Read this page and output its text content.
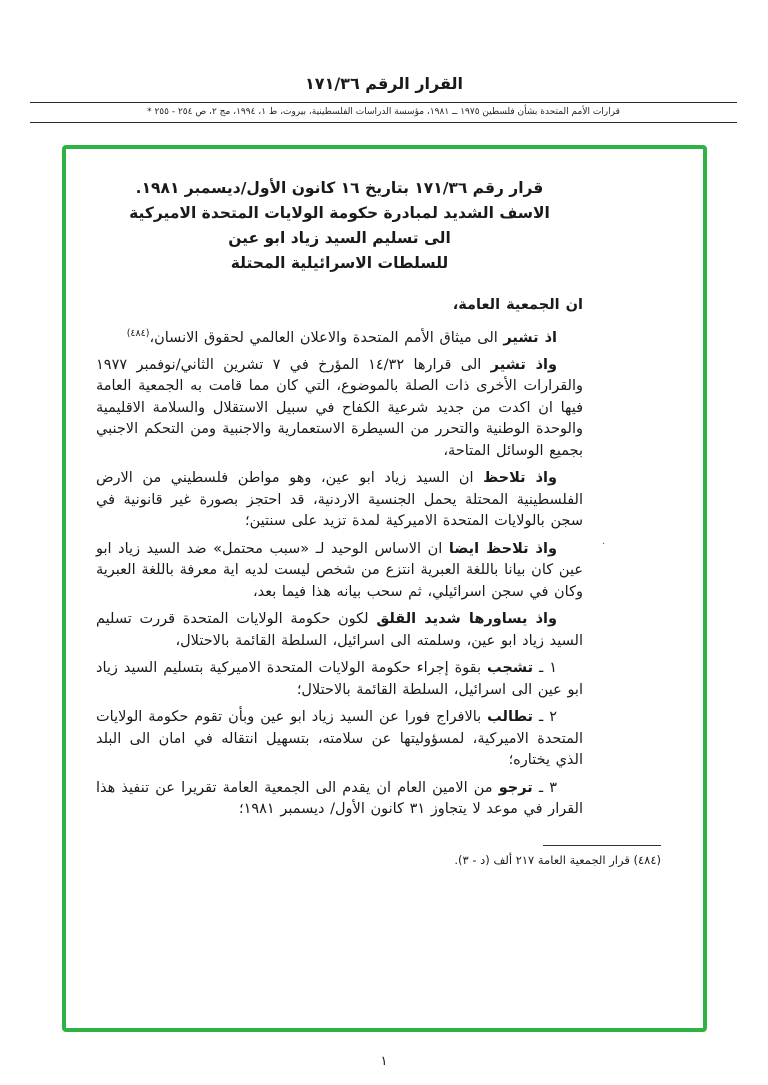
القرار الرقم ١٧١/٣٦
قرارات الأمم المتحدة بشأن فلسطين ١٩٧٥ ــ ١٩٨١، مؤسسة الدراسات الفلسطينية، بيروت، ط ١، ١٩٩٤، مج ٢، ص ٢٥٤ - ٢٥٥ *
قرار رقم ١٧١/٣٦ بتاريخ ١٦ كانون الأول/ديسمبر ١٩٨١.
الاسف الشديد لمبادرة حكومة الولايات المتحدة الاميركية
الى تسليم السيد زياد ابو عين
للسلطات الاسرائيلية المحتلة

ان الجمعية العامة،

اذ تشير الى ميثاق الأمم المتحدة والاعلان العالمي لحقوق الانسان،$^{(٤٨٤)}$

واذ تشير الى قرارها ١٤/٣٢ المؤرخ في ٧ تشرين الثاني/نوفمبر ١٩٧٧ والقرارات الأخرى ذات الصلة بالموضوع، التي كان مما قامت به الجمعية العامة فيها ان اكدت من جديد شرعية الكفاح في سبيل الاستقلال والسلامة الاقليمية والوحدة الوطنية والتحرر من السيطرة الاستعمارية والاجنبية ومن التحكم الاجنبي بجميع الوسائل المتاحة،

واذ تلاحظ ان السيد زياد ابو عين، وهو مواطن فلسطيني من الارض الفلسطينية المحتلة يحمل الجنسية الاردنية، قد احتجز بصورة غير قانونية في سجن بالولايات المتحدة الاميركية لمدة تزيد على سنتين؛

واذ تلاحظ ايضا ان الاساس الوحيد لـ «سبب محتمل» ضد السيد زياد ابو عين كان بيانا باللغة العبرية انتزع من شخص ليست لديه اية معرفة باللغة العبرية وكان في سجن اسرائيلي، ثم سحب بيانه هذا فيما بعد،

واذ يساورها شديد القلق لكون حكومة الولايات المتحدة قررت تسليم السيد زياد ابو عين، وسلمته الى اسرائيل، السلطة القائمة بالاحتلال،

١ ـ تشجب بقوة إجراء حكومة الولايات المتحدة الاميركية بتسليم السيد زياد ابو عين الى اسرائيل، السلطة القائمة بالاحتلال؛

٢ ـ تطالب بالافراج فورا عن السيد زياد ابو عين وبأن تقوم حكومة الولايات المتحدة الاميركية، لمسؤوليتها عن سلامته، بتسهيل انتقاله في امان الى البلد الذي يختاره؛

٣ ـ ترجو من الامين العام ان يقدم الى الجمعية العامة تقريرا عن تنفيذ هذا القرار في موعد لا يتجاوز ٣١ كانون الأول/ ديسمبر ١٩٨١؛

(٤٨٤) قرار الجمعية العامة ٢١٧ ألف (د - ٣).
·
١
